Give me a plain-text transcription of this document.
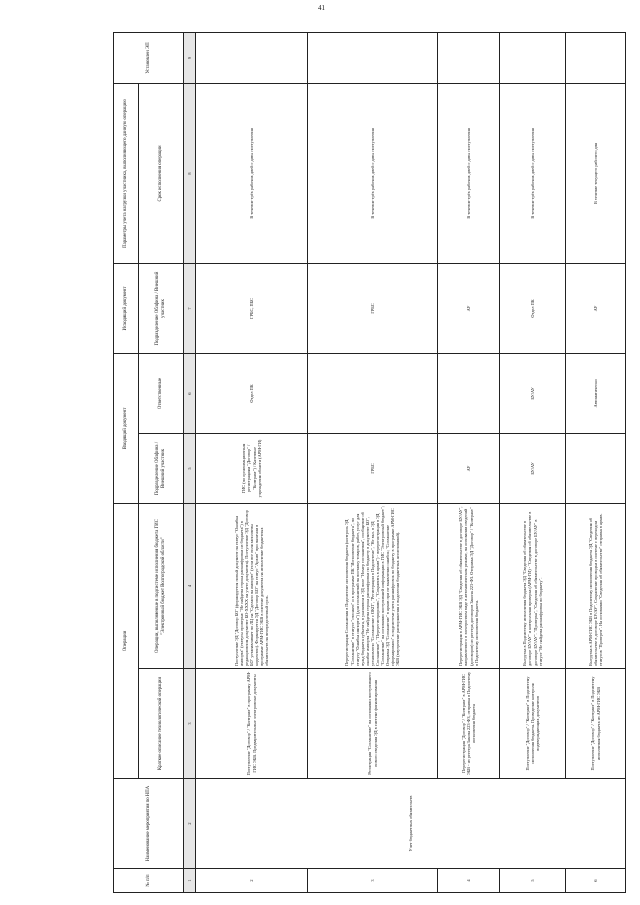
41
№ п/п	Наименование мероприятия по НПА	Операции		Входящий документ		Исходящий документ	Параметры учета нагрузки участника, выполняющего данную операцию	Установлен ЭП
		Краткое описание технологической операции	Операции, выполняемые в подсистеме исполнения бюджета ГИС "Электронный бюджет Волгоградской области"	Подразделение Облфина / Внешний участник	Ответственные	Подразделение Облфина / Внешний участник	Срок исполнения операции	

1	2	3	4	5	6	7	8	9
2	Учет бюджетных обязательств	Поступление "Договор" / "Контракт" в программу АРМ-ГИС ЭБВ. Предварительные электронные документы	Поступление ЭД "Договор БО" (формируется новый документ на статус "Ошибка импорта" (статусы проверки: "Не найдена строка расшифровки из бюджета") в редакционном документе БО-ХХХХ на учете документа). Поступление ЭД "Договор БО" устанавливает по ЛЦ на "Сделано на импортe" (если все поля заполнены корректно). Формируется ЭД "Договор БО" на статус "Архив" при наличии в программе АРМ-ГИС ЭБВ в системе документа на исполнение бюджетных обязательств на неопределенный срок.	ГИС (по организационным регистрациям "Договор" / "Контракт") / Казенные учреждения области (АРМ-ГИ)	Отдел ПК	ГРБС, ПБС	В течение трёх рабочих дней с даты поступления	
3		Регистрация "Соглашение" на основании поступившего нового сведения ЭД в системе финансирования	Перерегистрация Соглашения в Подсистеме исполнения бюджета (контроль ЭД "Соглашение" в статусе "отложен" и в программе ПК "Исполнение бюджета", по статусу "Ошибка импорта") (для соглашений на поставку товаров, работ, услуг для нужд бюджета субъекта, в указанном в ЭД поле "Номер соглашения", сообщение об ошибке импорта "Не найдена строка расшифровки по бюджету в документе БО", установлено "Соглашение с ОКП", "Регистрации в Подсистеме", "Не вкл. в ЭД Соглашение", "Перерегистрировать", "Сохранить в архив") - перерегистрация в ЭД "Соглашение" на основании поступившей информации в ГИС "Электронный бюджет"; Отправка ЭД "Соглашение" в архив при не выявлении ошибок; "Соглашение сформировано" в подсистеме учета расшифровок по бюджету в программе АРМ-ГИС ЭБВ (внутренние распоряжения о выделении бюджетных ассигнований).	ГРБС		ГРБС	В течение трёх рабочих дней с даты поступления	
4		Перерегистрация "Договор" / "Контракт" в АРМ-ГИС ЭБВ - из реестра Закона 223-ФЗ, отправка в Подсистему исполнения бюджета	Перерегистрация в АРМ-ГИС ЭБВ ЭД "Сведения об обязательстве в договоре БУ/АУ", направленного в электронном виде в автоматическом режиме, на основании сведений (договоров) из реестра договоров Закона 223-ФЗ. Отправка ЭД "Договор" / "Контракт" в Подсистему исполнения бюджета.	АУ		АУ	В течение трёх рабочих дней с даты поступления	
5		Поступление "Договор" / "Контракт" в Подсистему исполнения бюджета. Проведение контроля подтверждающих документов	Выгрузка в Подсистему исполнения бюджета ЭД "Сведения об обязательстве в договоре БУ/АУ" и контрольная проверка (АРМ-ГИ) - "Сведения об обязательстве в договоре БУ/АУ". "Проверка", "Сведения об обязательстве в договоре БУ/АУ" в статусе "Не найдена расшифровка по бюджету".	БУ/АУ	БУ/АУ	Отдел ПК	В течение трёх рабочих дней с даты поступления	
6		Поступление "Договор" / "Контракт" в Подсистему исполнения бюджета из АРМ-ГИС ЭБВ	Выгрузка в АРМ-ГИС ЭБВ в Подсистему исполнения бюджета ЭД "Сведения об обязательстве в договоре БУ/АУ". Сохранение проводки в системе с переходом статусов "Проверен". На основании "Сведения об обязательстве" отправка в архив.		Автоматически	АУ	В течение текущего рабочего дня	
